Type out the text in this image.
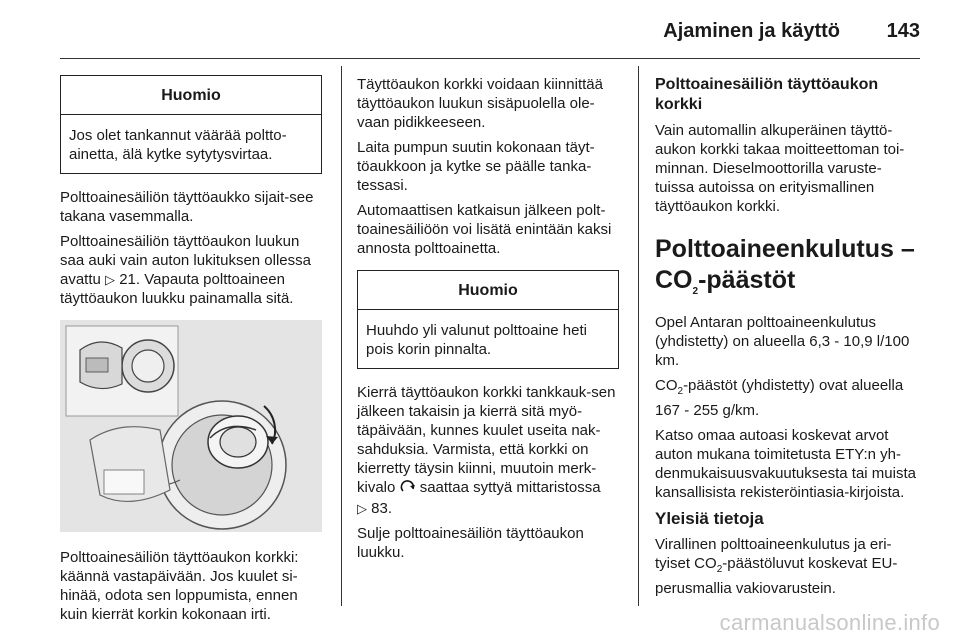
Ajaminen ja käyttö 143
Huomio
Jos olet tankannut väärää poltto-ainetta, älä kytke sytytysvirtaa.

Polttoainesäiliön täyttöaukko sijait-see takana vasemmalla.

Polttoainesäiliön täyttöaukon luukun saa auki vain auton lukituksen ollessa avattu ▷ 21. Vapauta polttoaineen täyttöaukon luukku painamalla sitä.

Polttoainesäiliön täyttöaukon korkki: käännä vastapäivään. Jos kuulet si-hinää, odota sen loppumista, ennen kuin kierrät korkin kokonaan irti.

Täyttöaukon korkki voidaan kiinnittää täyttöaukon luukun sisäpuolella ole-vaan pidikkeeseen.

Laita pumpun suutin kokonaan täyt-töaukkoon ja kytke se päälle tanka-tessasi.

Automaattisen katkaisun jälkeen polt-toainesäiliöön voi lisätä enintään kaksi annosta polttoainetta.

Huomio
Huuhdo yli valunut polttoaine heti pois korin pinnalta.

Kierrä täyttöaukon korkki tankkauk-sen jälkeen takaisin ja kierrä sitä myö-täpäivään, kunnes kuulet useita nak-sahduksia. Varmista, että korkki on kierretty täysin kiinni, muutoin merk-kivalo saattaa syttyä mittaristossa
▷ 83.

Sulje polttoainesäiliön täyttöaukon luukku.

Polttoainesäiliön täyttöaukon korkki

Vain automallin alkuperäinen täyttö-aukon korkki takaa moitteettoman toi-minnan. Dieselmoottorilla varuste-tuissa autoissa on erityismallinen täyttöaukon korkki.

Polttoaineenkulutus –
$CO_2$-päästöt

Opel Antaran polttoaineenkulutus (yhdistetty) on alueella 6,3 - 10,9 l/100 km.

$CO_2$-päästöt (yhdistetty) ovat alueella 167 - 255 g/km.

Katso omaa autoasi koskevat arvot auton mukana toimitetusta ETY:n yh-denmukaisuusvakuutuksesta tai muista kansallisista rekisteröintiasia-kirjoista.

Yleisiä tietoja

Virallinen polttoaineenkulutus ja eri-tyiset $CO_2$-päästöluvut koskevat EU-perusmallia vakiovarustein.

carmanualsonline.info
